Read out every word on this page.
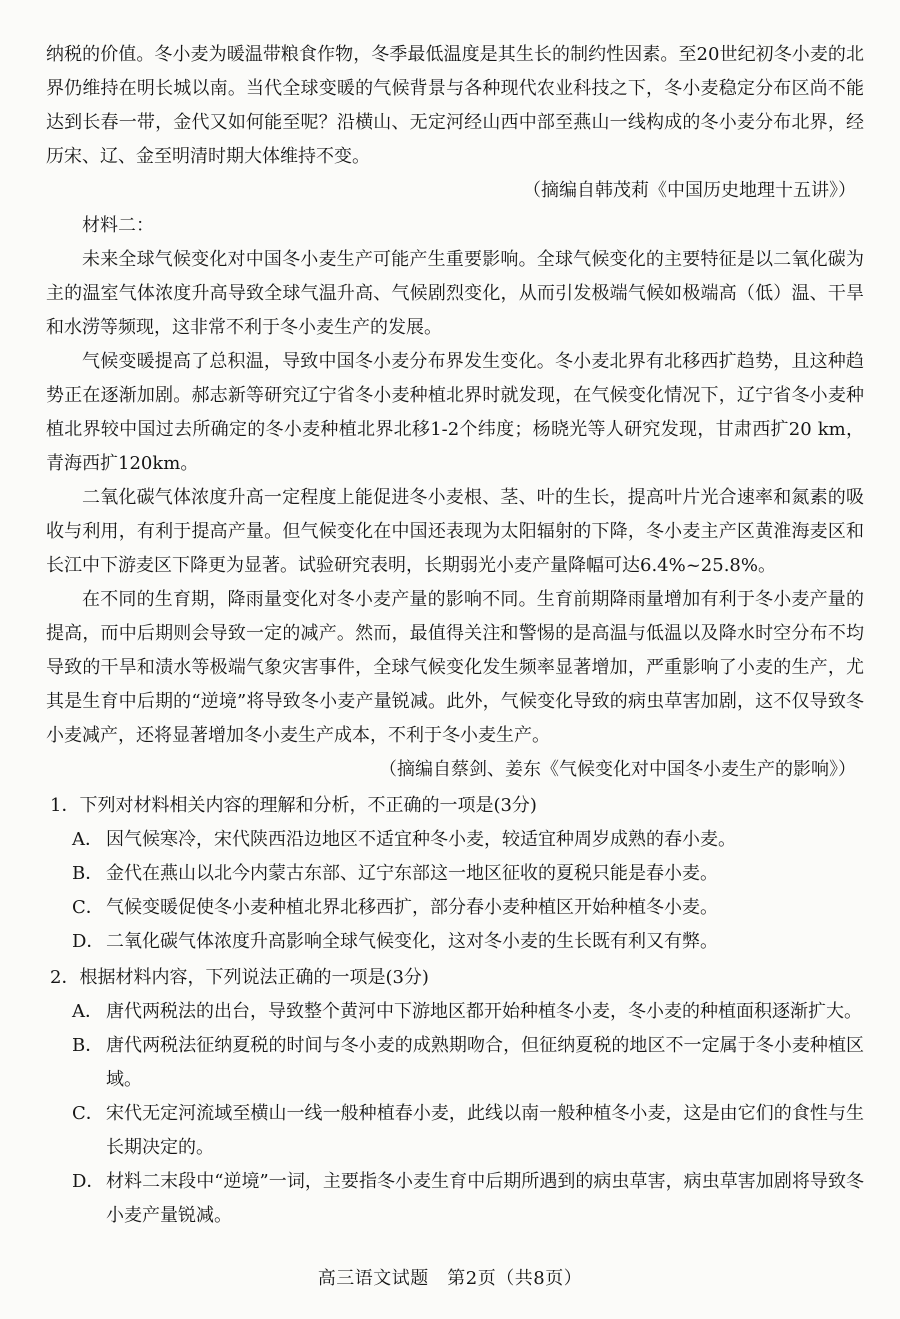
纳税的价值。冬小麦为暖温带粮食作物，冬季最低温度是其生长的制约性因素。至20世纪初冬小麦的北界仍维持在明长城以南。当代全球变暖的气候背景与各种现代农业科技之下，冬小麦稳定分布区尚不能达到长春一带，金代又如何能至呢？沿横山、无定河经山西中部至燕山一线构成的冬小麦分布北界，经历宋、辽、金至明清时期大体维持不变。

（摘编自韩茂莉《中国历史地理十五讲》）

材料二：

未来全球气候变化对中国冬小麦生产可能产生重要影响。全球气候变化的主要特征是以二氧化碳为主的温室气体浓度升高导致全球气温升高、气候剧烈变化，从而引发极端气候如极端高（低）温、干旱和水涝等频现，这非常不利于冬小麦生产的发展。

气候变暖提高了总积温，导致中国冬小麦分布界发生变化。冬小麦北界有北移西扩趋势，且这种趋势正在逐渐加剧。郝志新等研究辽宁省冬小麦种植北界时就发现，在气候变化情况下，辽宁省冬小麦种植北界较中国过去所确定的冬小麦种植北界北移1-2个纬度；杨晓光等人研究发现，甘肃西扩20 km，青海西扩120km。

二氧化碳气体浓度升高一定程度上能促进冬小麦根、茎、叶的生长，提高叶片光合速率和氮素的吸收与利用，有利于提高产量。但气候变化在中国还表现为太阳辐射的下降，冬小麦主产区黄淮海麦区和长江中下游麦区下降更为显著。试验研究表明，长期弱光小麦产量降幅可达6.4%~25.8%。

在不同的生育期，降雨量变化对冬小麦产量的影响不同。生育前期降雨量增加有利于冬小麦产量的提高，而中后期则会导致一定的减产。然而，最值得关注和警惕的是高温与低温以及降水时空分布不均导致的干旱和渍水等极端气象灾害事件，全球气候变化发生频率显著增加，严重影响了小麦的生产，尤其是生育中后期的“逆境”将导致冬小麦产量锐减。此外，气候变化导致的病虫草害加剧，这不仅导致冬小麦减产，还将显著增加冬小麦生产成本，不利于冬小麦生产。

（摘编自蔡剑、姜东《气候变化对中国冬小麦生产的影响》）

1．下列对材料相关内容的理解和分析，不正确的一项是(3分)

A． 因气候寒冷，宋代陕西沿边地区不适宜种冬小麦，较适宜种周岁成熟的春小麦。
B． 金代在燕山以北今内蒙古东部、辽宁东部这一地区征收的夏税只能是春小麦。
C． 气候变暖促使冬小麦种植北界北移西扩，部分春小麦种植区开始种植冬小麦。
D． 二氧化碳气体浓度升高影响全球气候变化，这对冬小麦的生长既有利又有弊。

2．根据材料内容，下列说法正确的一项是(3分)

A． 唐代两税法的出台，导致整个黄河中下游地区都开始种植冬小麦，冬小麦的种植面积逐渐扩大。
B． 唐代两税法征纳夏税的时间与冬小麦的成熟期吻合，但征纳夏税的地区不一定属于冬小麦种植区域。
C． 宋代无定河流域至横山一线一般种植春小麦，此线以南一般种植冬小麦，这是由它们的食性与生长期决定的。
D． 材料二末段中“逆境”一词，主要指冬小麦生育中后期所遇到的病虫草害，病虫草害加剧将导致冬小麦产量锐减。
高三语文试题　第2页（共8页）
